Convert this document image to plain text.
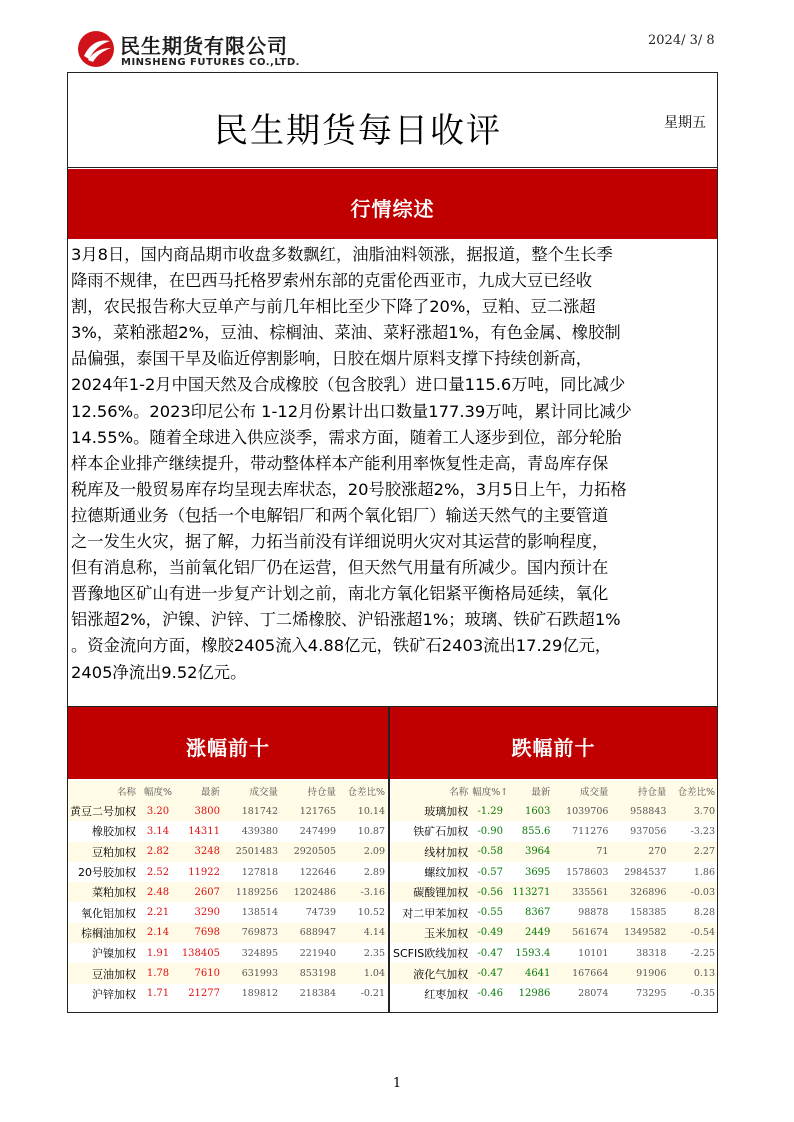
民生期货有限公司
MINSHENG FUTURES CO.,LTD.
2024/ 3/ 8
民生期货每日收评	星期五
行情综述
3月8日，国内商品期市收盘多数飘红，油脂油料领涨，据报道，整个生长季
降雨不规律，在巴西马托格罗索州东部的克雷伦西亚市，九成大豆已经收
割，农民报告称大豆单产与前几年相比至少下降了20%，豆粕、豆二涨超
3%，菜粕涨超2%，豆油、棕榈油、菜油、菜籽涨超1%，有色金属、橡胶制
品偏强，泰国干旱及临近停割影响，日胶在烟片原料支撑下持续创新高，
2024年1-2月中国天然及合成橡胶（包含胶乳）进口量115.6万吨，同比减少
12.56%。2023印尼公布 1-12月份累计出口数量177.39万吨，累计同比减少
14.55%。随着全球进入供应淡季，需求方面，随着工人逐步到位，部分轮胎
样本企业排产继续提升，带动整体样本产能利用率恢复性走高，青岛库存保
税库及一般贸易库存均呈现去库状态，20号胶涨超2%，3月5日上午，力拓格
拉德斯通业务（包括一个电解铝厂和两个氧化铝厂）输送天然气的主要管道
之一发生火灾，据了解，力拓当前没有详细说明火灾对其运营的影响程度，
但有消息称，当前氧化铝厂仍在运营，但天然气用量有所减少。国内预计在
晋豫地区矿山有进一步复产计划之前，南北方氧化铝紧平衡格局延续，氧化
铝涨超2%，沪镍、沪锌、丁二烯橡胶、沪铅涨超1%；玻璃、铁矿石跌超1%
。资金流向方面，橡胶2405流入4.88亿元，铁矿石2403流出17.29亿元，
2405净流出9.52亿元。
涨幅前十	跌幅前十
名称	幅度%	最新	成交量	持仓量	仓差比%
黄豆二号加权	3.20	3800	181742	121765	10.14
橡胶加权	3.14	14311	439380	247499	10.87
豆粕加权	2.82	3248	2501483	2920505	2.09
20号胶加权	2.52	11922	127818	122646	2.89
菜粕加权	2.48	2607	1189256	1202486	-3.16
氧化铝加权	2.21	3290	138514	74739	10.52
棕榈油加权	2.14	7698	769873	688947	4.14
沪镍加权	1.91	138405	324895	221940	2.35
豆油加权	1.78	7610	631993	853198	1.04
沪锌加权	1.71	21277	189812	218384	-0.21
名称	幅度%↑	最新	成交量	持仓量	仓差比%
玻璃加权	-1.29	1603	1039706	958843	3.70
铁矿石加权	-0.90	855.6	711276	937056	-3.23
线材加权	-0.58	3964	71	270	2.27
螺纹加权	-0.57	3695	1578603	2984537	1.86
碳酸锂加权	-0.56	113271	335561	326896	-0.03
对二甲苯加权	-0.55	8367	98878	158385	8.28
玉米加权	-0.49	2449	561674	1349582	-0.54
SCFIS欧线加权	-0.47	1593.4	10101	38318	-2.25
液化气加权	-0.47	4641	167664	91906	0.13
红枣加权	-0.46	12986	28074	73295	-0.35
1
